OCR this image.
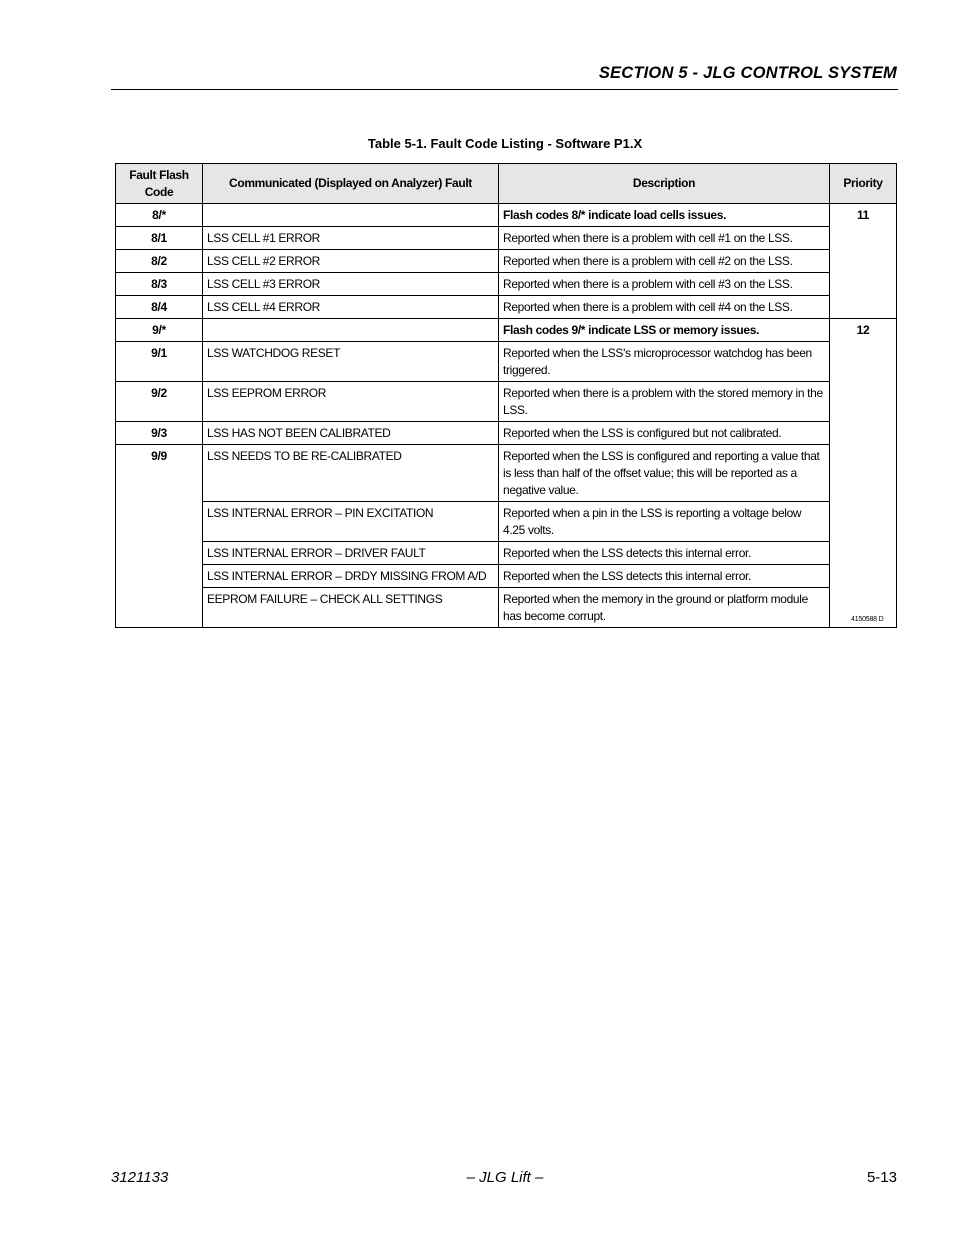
SECTION 5 - JLG CONTROL SYSTEM
Table 5-1. Fault Code Listing - Software P1.X
Fault Flash Code	Communicated (Displayed on Analyzer) Fault	Description	Priority
8/*		Flash codes 8/* indicate load cells issues.	11
8/1	LSS CELL #1 ERROR	Reported when there is a problem with cell #1 on the LSS.	
8/2	LSS CELL #2 ERROR	Reported when there is a problem with cell #2 on the LSS.	
8/3	LSS CELL #3 ERROR	Reported when there is a problem with cell #3 on the LSS.	
8/4	LSS CELL #4 ERROR	Reported when there is a problem with cell #4 on the LSS.	
9/*		Flash codes 9/* indicate LSS or memory issues.	12
9/1	LSS WATCHDOG RESET	Reported when the LSS's microprocessor watchdog has been triggered.	
9/2	LSS EEPROM ERROR	Reported when there is a problem with the stored memory in the LSS.	
9/3	LSS HAS NOT BEEN CALIBRATED	Reported when the LSS is configured but not calibrated.	
9/9	LSS NEEDS TO BE RE-CALIBRATED	Reported when the LSS is configured and reporting a value that is less than half of the offset value; this will be reported as a negative value.	
	LSS INTERNAL ERROR – PIN EXCITATION	Reported when a pin in the LSS is reporting a voltage below 4.25 volts.	
	LSS INTERNAL ERROR – DRIVER FAULT	Reported when the LSS detects this internal error.	
	LSS INTERNAL ERROR – DRDY MISSING FROM A/D	Reported when the LSS detects this internal error.	
	EEPROM FAILURE – CHECK ALL SETTINGS	Reported when the memory in the ground or platform module has become corrupt.		4150588 D
3121133	– JLG Lift –	5-13
